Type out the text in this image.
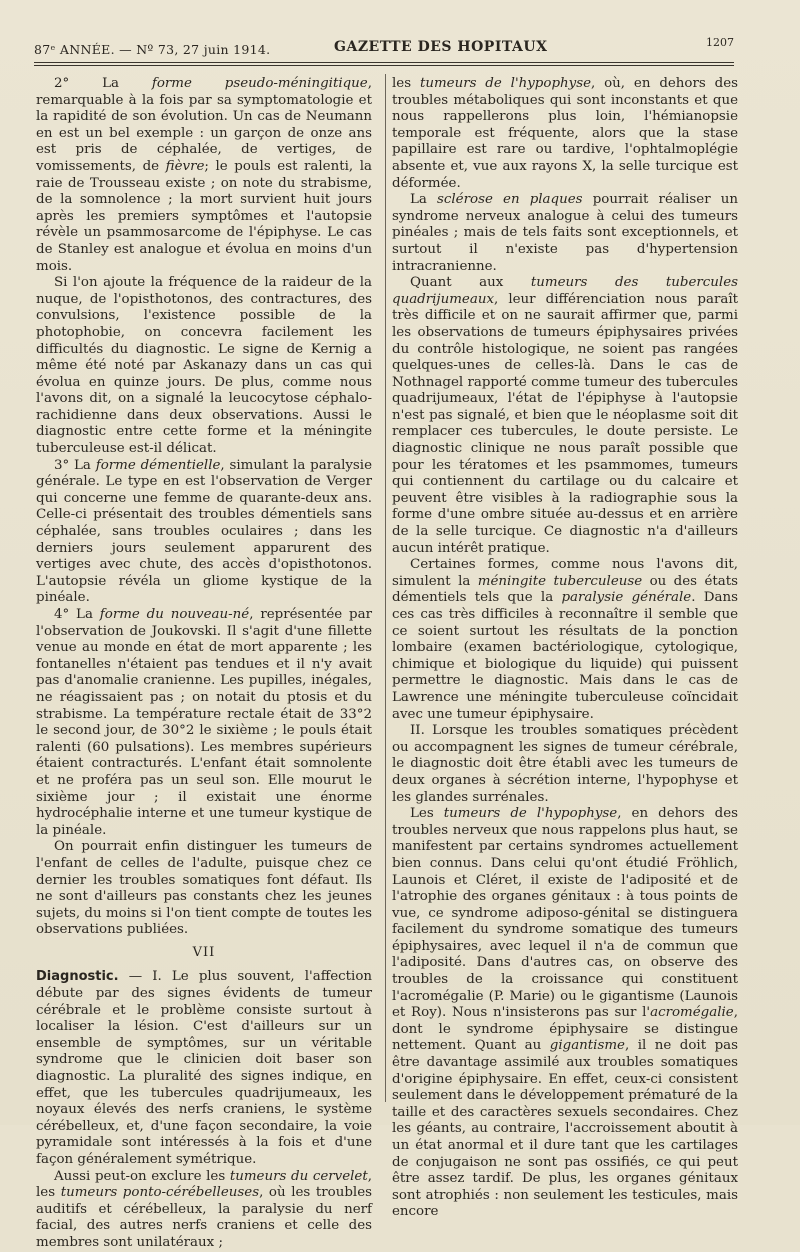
87ᵉ ANNÉE. — Nº 73, 27 juin 1914.	GAZETTE DES HOPITAUX	1207

2° La forme pseudo-méningitique, remarquable à la fois par sa symptomatologie et la rapidité de son évolution. Un cas de Neumann en est un bel exemple : un garçon de onze ans est pris de céphalée, de vertiges, de vomissements, de fièvre; le pouls est ralenti, la raie de Trousseau existe ; on note du strabisme, de la somnolence ; la mort survient huit jours après les premiers symptômes et l'autopsie révèle un psammosarcome de l'épiphyse. Le cas de Stanley est analogue et évolua en moins d'un mois.

Si l'on ajoute la fréquence de la raideur de la nuque, de l'opisthotonos, des contractures, des convulsions, l'existence possible de la photophobie, on concevra facilement les difficultés du diagnostic. Le signe de Kernig a même été noté par Askanazy dans un cas qui évolua en quinze jours. De plus, comme nous l'avons dit, on a signalé la leucocytose céphalo-rachidienne dans deux observations. Aussi le diagnostic entre cette forme et la méningite tuberculeuse est-il délicat.

3° La forme démentielle, simulant la paralysie générale. Le type en est l'observation de Verger qui concerne une femme de quarante-deux ans. Celle-ci présentait des troubles démentiels sans céphalée, sans troubles oculaires ; dans les derniers jours seulement apparurent des vertiges avec chute, des accès d'opisthotonos. L'autopsie révéla un gliome kystique de la pinéale.

4° La forme du nouveau-né, représentée par l'observation de Joukovski. Il s'agit d'une fillette venue au monde en état de mort apparente ; les fontanelles n'étaient pas tendues et il n'y avait pas d'anomalie cranienne. Les pupilles, inégales, ne réagissaient pas ; on notait du ptosis et du strabisme. La température rectale était de 33°2 le second jour, de 30°2 le sixième ; le pouls était ralenti (60 pulsations). Les membres supérieurs étaient contracturés. L'enfant était somnolente et ne proféra pas un seul son. Elle mourut le sixième jour ; il existait une énorme hydrocéphalie interne et une tumeur kystique de la pinéale.

On pourrait enfin distinguer les tumeurs de l'enfant de celles de l'adulte, puisque chez ce dernier les troubles somatiques font défaut. Ils ne sont d'ailleurs pas constants chez les jeunes sujets, du moins si l'on tient compte de toutes les observations publiées.

VII

Diagnostic. — I. Le plus souvent, l'affection débute par des signes évidents de tumeur cérébrale et le problème consiste surtout à localiser la lésion. C'est d'ailleurs sur un ensemble de symptômes, sur un véritable syndrome que le clinicien doit baser son diagnostic. La pluralité des signes indique, en effet, que les tubercules quadrijumeaux, les noyaux élevés des nerfs craniens, le système cérébelleux, et, d'une façon secondaire, la voie pyramidale sont intéressés à la fois et d'une façon généralement symétrique.

Aussi peut-on exclure les tumeurs du cervelet, les tumeurs ponto-cérébelleuses, où les troubles auditifs et cérébelleux, la paralysie du nerf facial, des autres nerfs craniens et celle des membres sont unilatéraux ;

les tumeurs de l'hypophyse, où, en dehors des troubles métaboliques qui sont inconstants et que nous rappellerons plus loin, l'hémianopsie temporale est fréquente, alors que la stase papillaire est rare ou tardive, l'ophtalmoplégie absente et, vue aux rayons X, la selle turcique est déformée.

La sclérose en plaques pourrait réaliser un syndrome nerveux analogue à celui des tumeurs pinéales ; mais de tels faits sont exceptionnels, et surtout il n'existe pas d'hypertension intracranienne.

Quant aux tumeurs des tubercules quadrijumeaux, leur différenciation nous paraît très difficile et on ne saurait affirmer que, parmi les observations de tumeurs épiphysaires privées du contrôle histologique, ne soient pas rangées quelques-unes de celles-là. Dans le cas de Nothnagel rapporté comme tumeur des tubercules quadrijumeaux, l'état de l'épiphyse à l'autopsie n'est pas signalé, et bien que le néoplasme soit dit remplacer ces tubercules, le doute persiste. Le diagnostic clinique ne nous paraît possible que pour les tératomes et les psammomes, tumeurs qui contiennent du cartilage ou du calcaire et peuvent être visibles à la radiographie sous la forme d'une ombre située au-dessus et en arrière de la selle turcique. Ce diagnostic n'a d'ailleurs aucun intérêt pratique.

Certaines formes, comme nous l'avons dit, simulent la méningite tuberculeuse ou des états démentiels tels que la paralysie générale. Dans ces cas très difficiles à reconnaître il semble que ce soient surtout les résultats de la ponction lombaire (examen bactériologique, cytologique, chimique et biologique du liquide) qui puissent permettre le diagnostic. Mais dans le cas de Lawrence une méningite tuberculeuse coïncidait avec une tumeur épiphysaire.

II. Lorsque les troubles somatiques précèdent ou accompagnent les signes de tumeur cérébrale, le diagnostic doit être établi avec les tumeurs de deux organes à sécrétion interne, l'hypophyse et les glandes surrénales.

Les tumeurs de l'hypophyse, en dehors des troubles nerveux que nous rappelons plus haut, se manifestent par certains syndromes actuellement bien connus. Dans celui qu'ont étudié Fröhlich, Launois et Cléret, il existe de l'adiposité et de l'atrophie des organes génitaux : à tous points de vue, ce syndrome adiposo-génital se distinguera facilement du syndrome somatique des tumeurs épiphysaires, avec lequel il n'a de commun que l'adiposité. Dans d'autres cas, on observe des troubles de la croissance qui constituent l'acromégalie (P. Marie) ou le gigantisme (Launois et Roy). Nous n'insisterons pas sur l'acromégalie, dont le syndrome épiphysaire se distingue nettement. Quant au gigantisme, il ne doit pas être davantage assimilé aux troubles somatiques d'origine épiphysaire. En effet, ceux-ci consistent seulement dans le développement prématuré de la taille et des caractères sexuels secondaires. Chez les géants, au contraire, l'accroissement aboutit à un état anormal et il dure tant que les cartilages de conjugaison ne sont pas ossifiés, ce qui peut être assez tardif. De plus, les organes génitaux sont atrophiés : non seulement les testicules, mais encore
